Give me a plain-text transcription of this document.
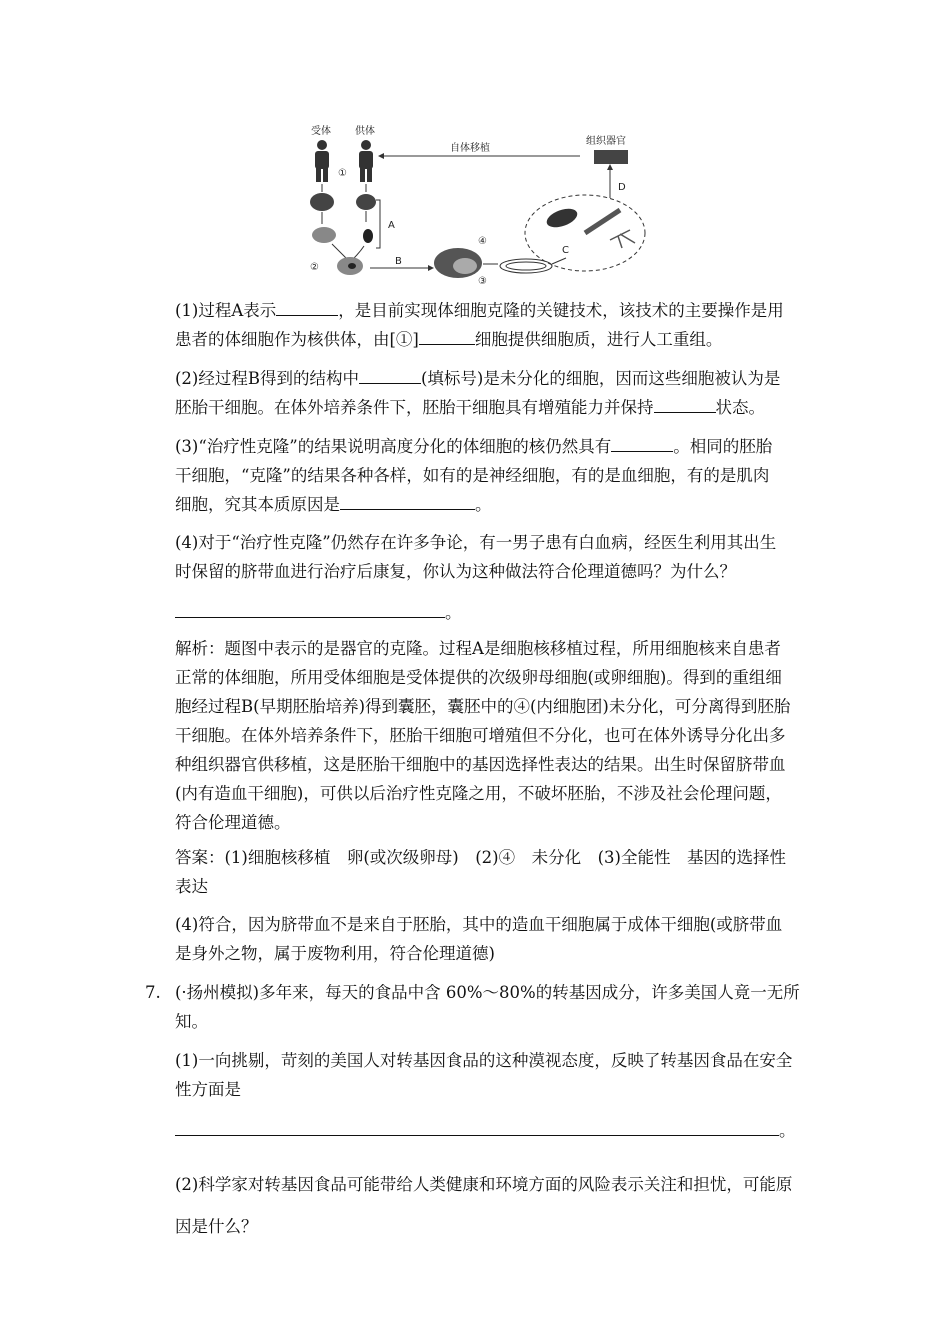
受体 供体
①
A
②
B
④
③
C
D
组织器官
自体移植
(1)过程A表示	，是目前实现体细胞克隆的关键技术，该技术的主要操作是用
患者的体细胞作为核供体，由[①]	细胞提供细胞质，进行人工重组。
(2)经过程B得到的结构中	(填标号)是未分化的细胞，因而这些细胞被认为是
胚胎干细胞。在体外培养条件下，胚胎干细胞具有增殖能力并保持	状态。
(3)“治疗性克隆”的结果说明高度分化的体细胞的核仍然具有	。相同的胚胎
干细胞，“克隆”的结果各种各样，如有的是神经细胞，有的是血细胞，有的是肌肉
细胞，究其本质原因是	。
(4)对于“治疗性克隆”仍然存在许多争论，有一男子患有白血病，经医生利用其出生
时保留的脐带血进行治疗后康复，你认为这种做法符合伦理道德吗？为什么？
。
解析：题图中表示的是器官的克隆。过程A是细胞核移植过程，所用细胞核来自患者
正常的体细胞，所用受体细胞是受体提供的次级卵母细胞(或卵细胞)。得到的重组细
胞经过程B(早期胚胎培养)得到囊胚，囊胚中的④(内细胞团)未分化，可分离得到胚胎
干细胞。在体外培养条件下，胚胎干细胞可增殖但不分化，也可在体外诱导分化出多
种组织器官供移植，这是胚胎干细胞中的基因选择性表达的结果。出生时保留脐带血
(内有造血干细胞)，可供以后治疗性克隆之用，不破坏胚胎，不涉及社会伦理问题，
符合伦理道德。
答案：(1)细胞核移植　卵(或次级卵母)　(2)④　未分化　(3)全能性　基因的选择性
表达
(4)符合，因为脐带血不是来自于胚胎，其中的造血干细胞属于成体干细胞(或脐带血
是身外之物，属于废物利用，符合伦理道德)
7. (·扬州模拟)多年来，每天的食品中含 60%～80%的转基因成分，许多美国人竟一无所
知。
(1)一向挑剔，苛刻的美国人对转基因食品的这种漠视态度，反映了转基因食品在安全
性方面是
。
(2)科学家对转基因食品可能带给人类健康和环境方面的风险表示关注和担忧，可能原
因是什么？
